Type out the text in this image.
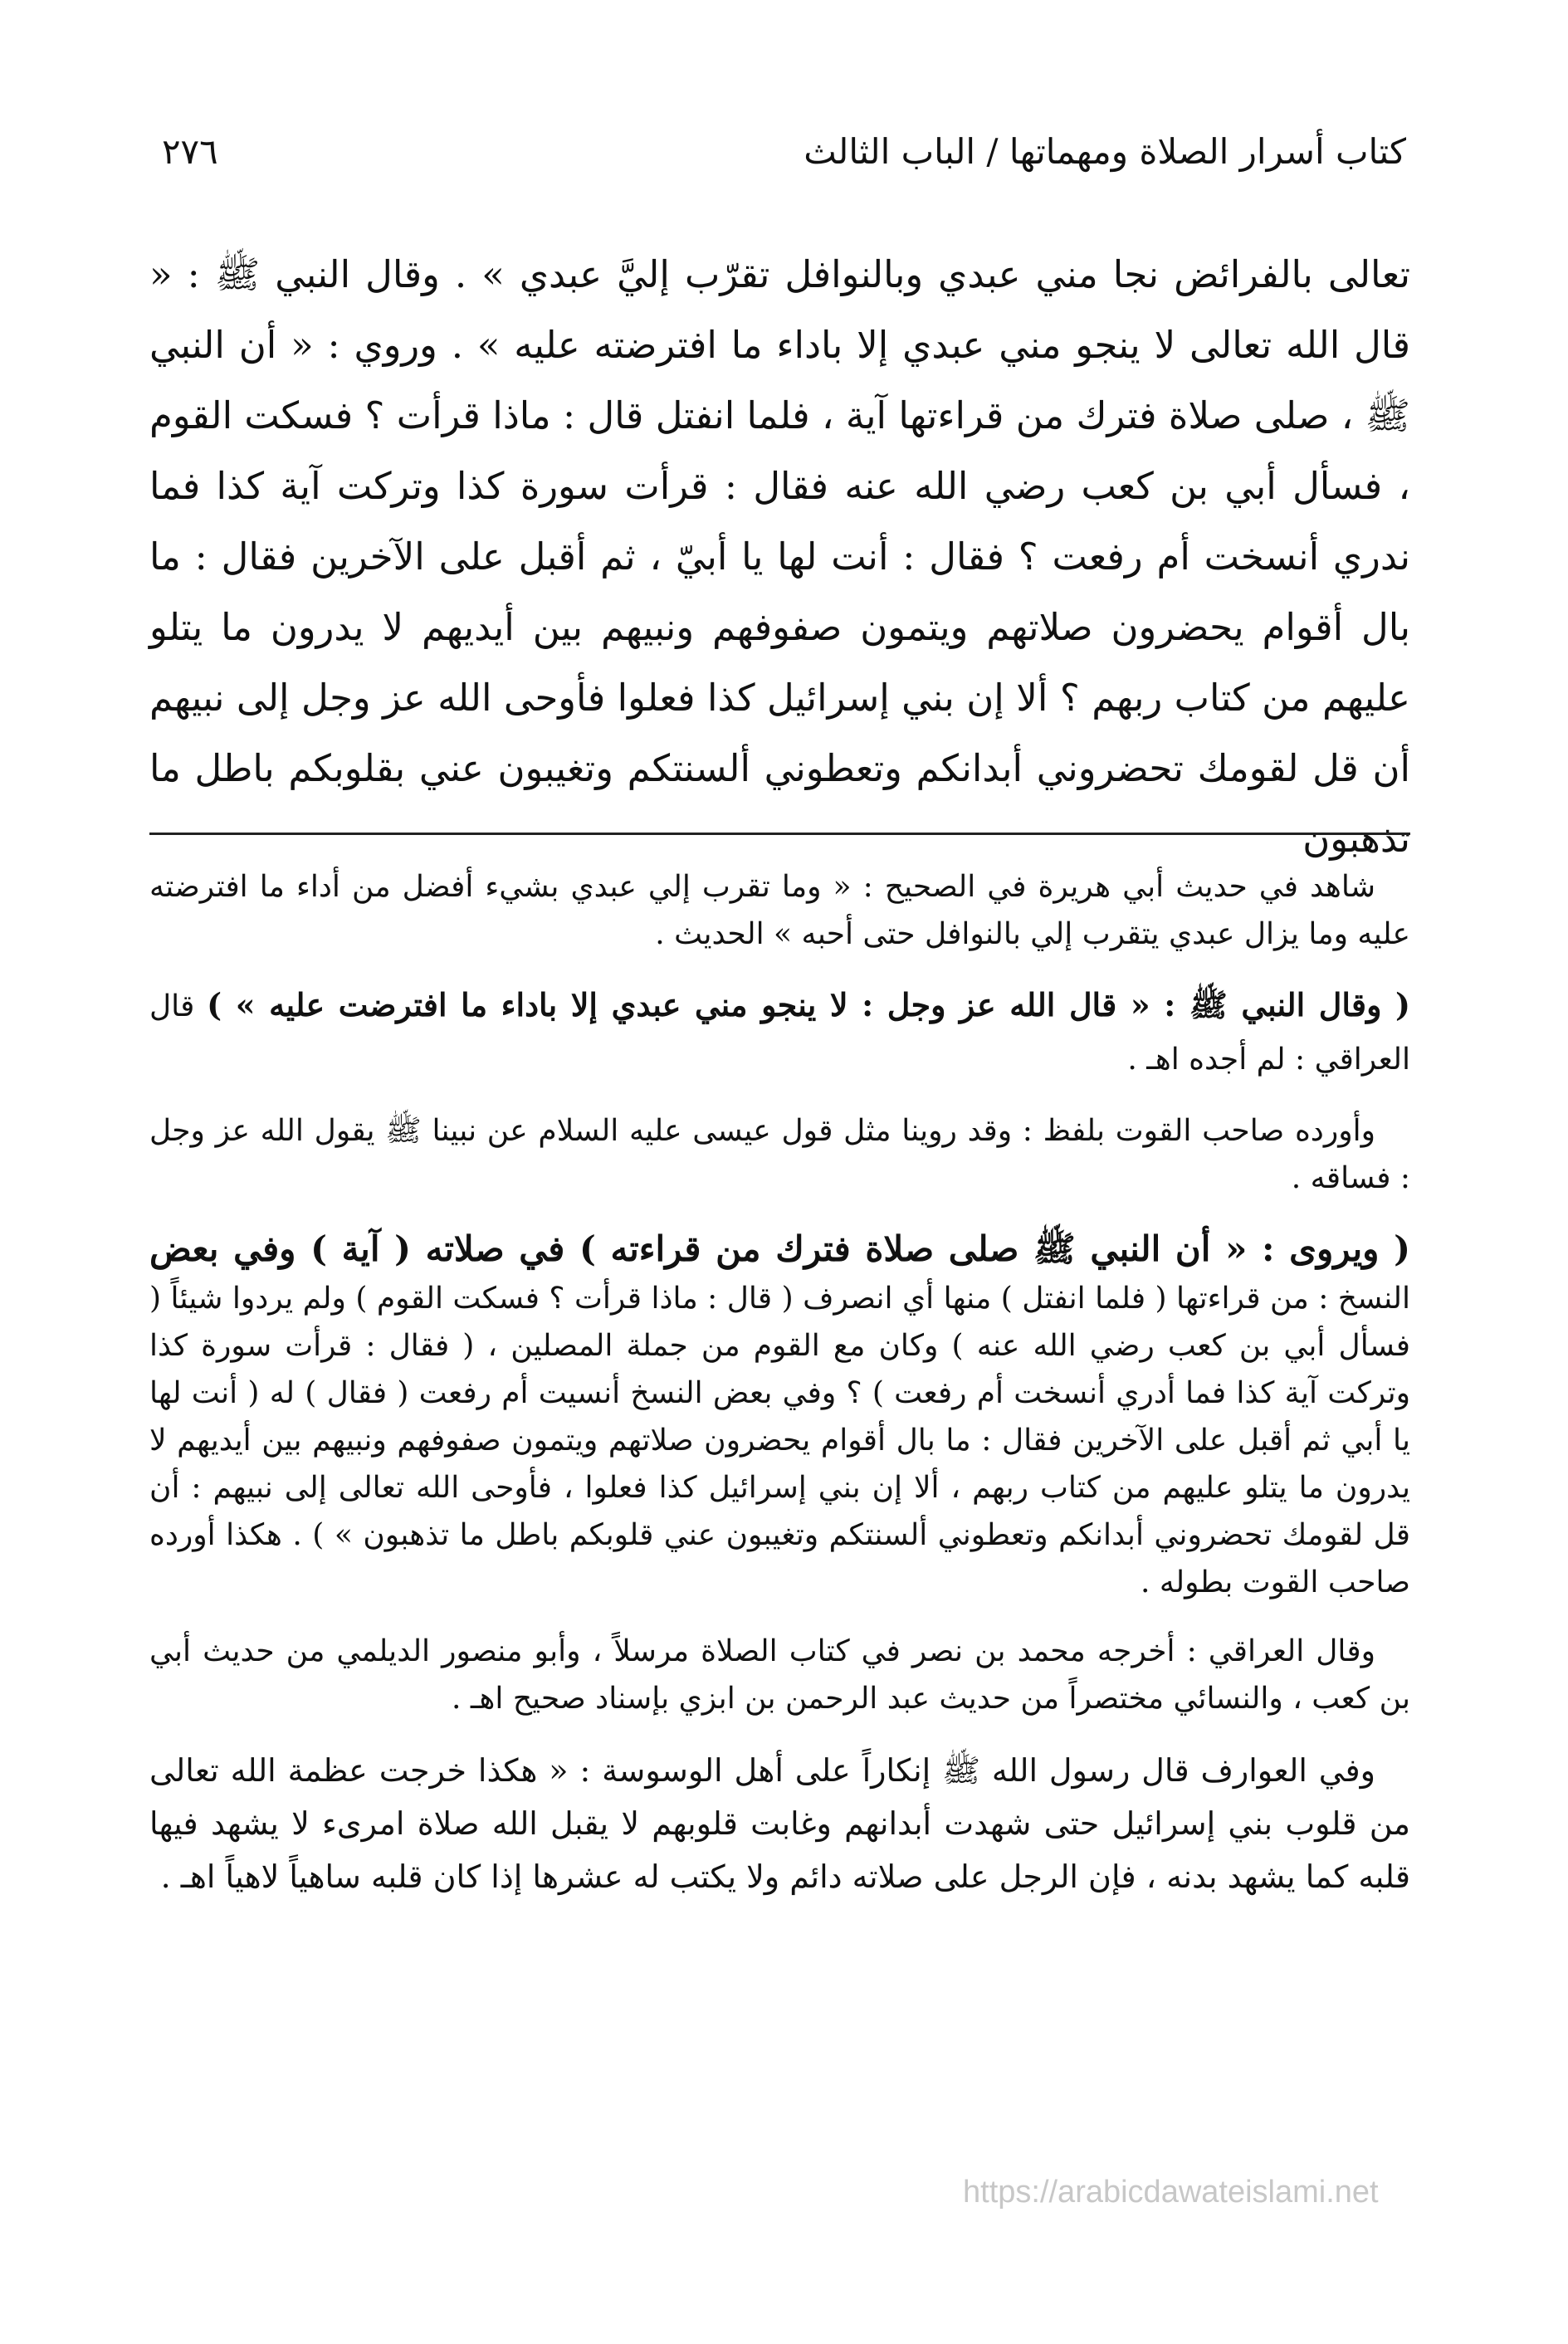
كتاب أسرار الصلاة ومهماتها / الباب الثالث
٢٧٦
تعالى بالفرائض نجا مني عبدي وبالنوافل تقرّب إليَّ عبدي » . وقال النبي ﷺ : « قال الله تعالى لا ينجو مني عبدي إلا باداء ما افترضته عليه » . وروي : « أن النبي ﷺ ، صلى صلاة فترك من قراءتها آية ، فلما انفتل قال : ماذا قرأت ؟ فسكت القوم ، فسأل أبي بن كعب رضي الله عنه فقال : قرأت سورة كذا وتركت آية كذا فما ندري أنسخت أم رفعت ؟ فقال : أنت لها يا أبيّ ، ثم أقبل على الآخرين فقال : ما بال أقوام يحضرون صلاتهم ويتمون صفوفهم ونبيهم بين أيديهم لا يدرون ما يتلو عليهم من كتاب ربهم ؟ ألا إن بني إسرائيل كذا فعلوا فأوحى الله عز وجل إلى نبيهم أن قل لقومك تحضروني أبدانكم وتعطوني ألسنتكم وتغيبون عني بقلوبكم باطل ما تذهبون

شاهد في حديث أبي هريرة في الصحيح : « وما تقرب إلي عبدي بشيء أفضل من أداء ما افترضته عليه وما يزال عبدي يتقرب إلي بالنوافل حتى أحبه » الحديث .

( وقال النبي ﷺ : « قال الله عز وجل : لا ينجو مني عبدي إلا باداء ما افترضت عليه » ) قال العراقي : لم أجده اهـ .

وأورده صاحب القوت بلفظ : وقد روينا مثل قول عيسى عليه السلام عن نبينا ﷺ يقول الله عز وجل : فساقه .

( ويروى : « أن النبي ﷺ صلى صلاة فترك من قراءته ) في صلاته ( آية ) وفي بعض النسخ : من قراءتها ( فلما انفتل ) منها أي انصرف ( قال : ماذا قرأت ؟ فسكت القوم ) ولم يردوا شيئاً ( فسأل أبي بن كعب رضي الله عنه ) وكان مع القوم من جملة المصلين ، ( فقال : قرأت سورة كذا وتركت آية كذا فما أدري أنسخت أم رفعت ) ؟ وفي بعض النسخ أنسيت أم رفعت ( فقال ) له ( أنت لها يا أبي ثم أقبل على الآخرين فقال : ما بال أقوام يحضرون صلاتهم ويتمون صفوفهم ونبيهم بين أيديهم لا يدرون ما يتلو عليهم من كتاب ربهم ، ألا إن بني إسرائيل كذا فعلوا ، فأوحى الله تعالى إلى نبيهم : أن قل لقومك تحضروني أبدانكم وتعطوني ألسنتكم وتغيبون عني قلوبكم باطل ما تذهبون » ) . هكذا أورده صاحب القوت بطوله .

وقال العراقي : أخرجه محمد بن نصر في كتاب الصلاة مرسلاً ، وأبو منصور الديلمي من حديث أبي بن كعب ، والنسائي مختصراً من حديث عبد الرحمن بن ابزي بإسناد صحيح اهـ .

وفي العوارف قال رسول الله ﷺ إنكاراً على أهل الوسوسة : « هكذا خرجت عظمة الله تعالى من قلوب بني إسرائيل حتى شهدت أبدانهم وغابت قلوبهم لا يقبل الله صلاة امرىء لا يشهد فيها قلبه كما يشهد بدنه ، فإن الرجل على صلاته دائم ولا يكتب له عشرها إذا كان قلبه ساهياً لاهياً اهـ .

https://arabicdawateislami.net
